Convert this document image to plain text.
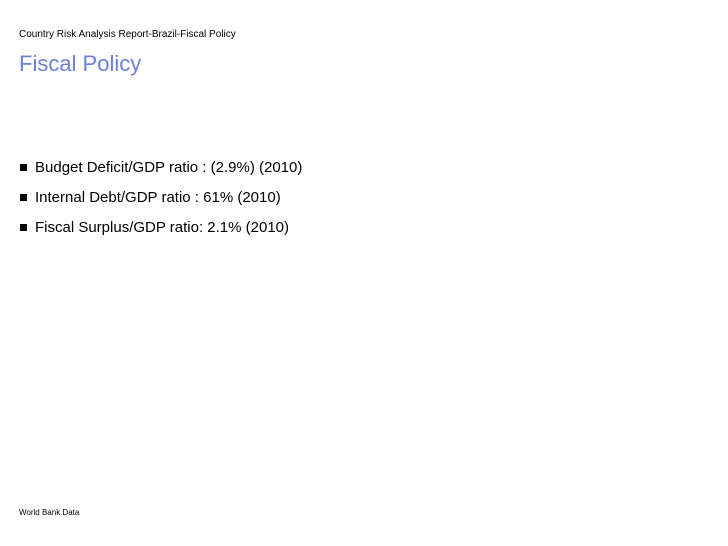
Country Risk Analysis Report-Brazil-Fiscal Policy
Fiscal Policy
Budget Deficit/GDP ratio : (2.9%) (2010)
Internal Debt/GDP ratio : 61% (2010)
Fiscal Surplus/GDP ratio: 2.1% (2010)
World Bank Data
